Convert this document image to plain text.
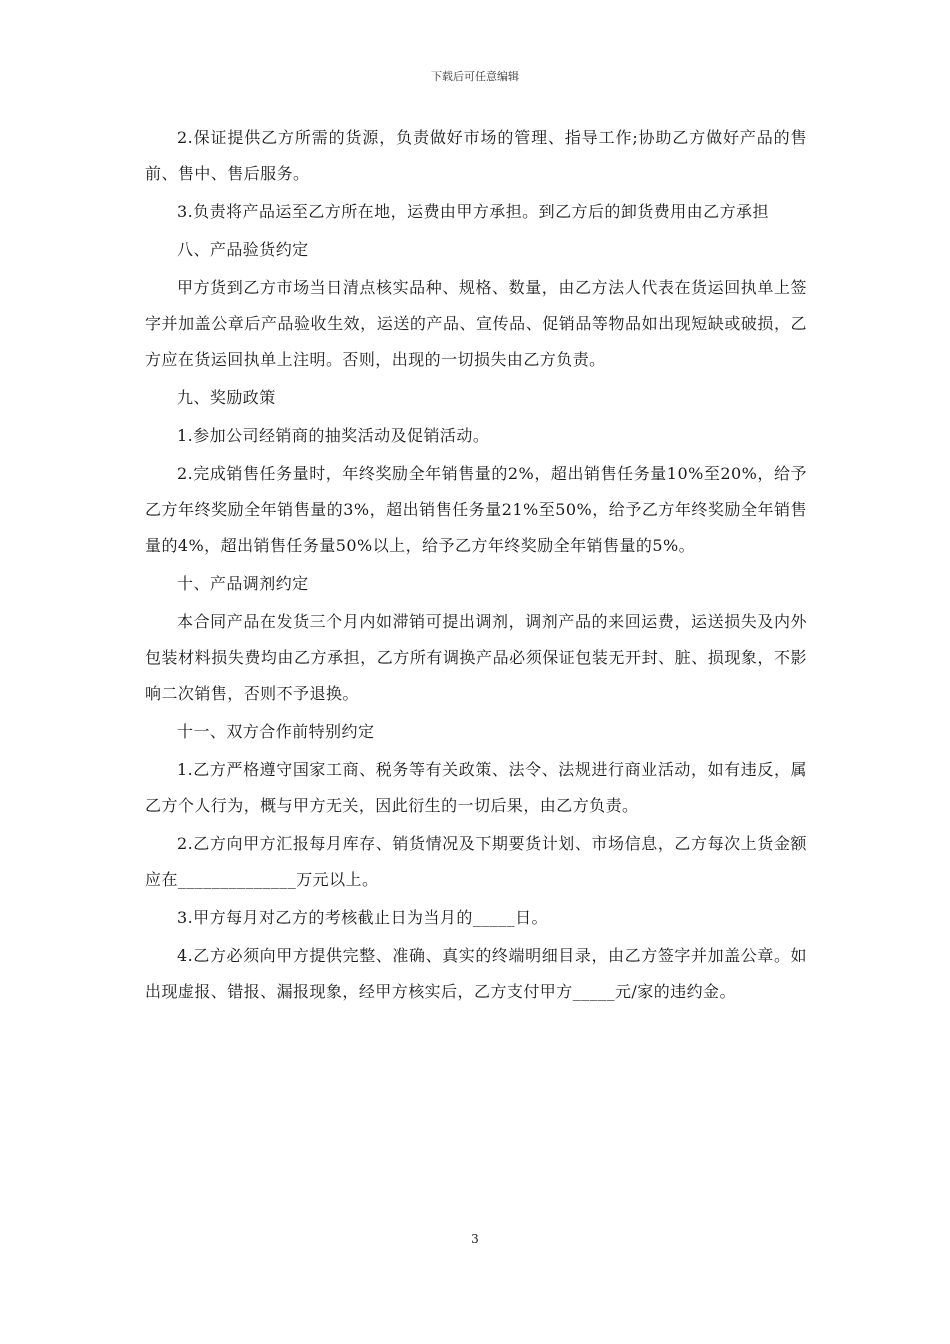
下载后可任意编辑

2.保证提供乙方所需的货源，负责做好市场的管理、指导工作;协助乙方做好产品的售前、售中、售后服务。

3.负责将产品运至乙方所在地，运费由甲方承担。到乙方后的卸货费用由乙方承担

八、产品验货约定

甲方货到乙方市场当日清点核实品种、规格、数量，由乙方法人代表在货运回执单上签字并加盖公章后产品验收生效，运送的产品、宣传品、促销品等物品如出现短缺或破损，乙方应在货运回执单上注明。否则，出现的一切损失由乙方负责。

九、奖励政策

1.参加公司经销商的抽奖活动及促销活动。

2.完成销售任务量时，年终奖励全年销售量的2%，超出销售任务量10%至20%，给予乙方年终奖励全年销售量的3%，超出销售任务量21%至50%，给予乙方年终奖励全年销售量的4%，超出销售任务量50%以上，给予乙方年终奖励全年销售量的5%。

十、产品调剂约定

本合同产品在发货三个月内如滞销可提出调剂，调剂产品的来回运费，运送损失及内外包装材料损失费均由乙方承担，乙方所有调换产品必须保证包装无开封、脏、损现象，不影响二次销售，否则不予退换。

十一、双方合作前特别约定

1.乙方严格遵守国家工商、税务等有关政策、法令、法规进行商业活动，如有违反，属乙方个人行为，概与甲方无关，因此衍生的一切后果，由乙方负责。

2.乙方向甲方汇报每月库存、销货情况及下期要货计划、市场信息，乙方每次上货金额应在______________万元以上。

3.甲方每月对乙方的考核截止日为当月的_____日。

4.乙方必须向甲方提供完整、准确、真实的终端明细目录，由乙方签字并加盖公章。如出现虚报、错报、漏报现象，经甲方核实后，乙方支付甲方_____元/家的违约金。

3
